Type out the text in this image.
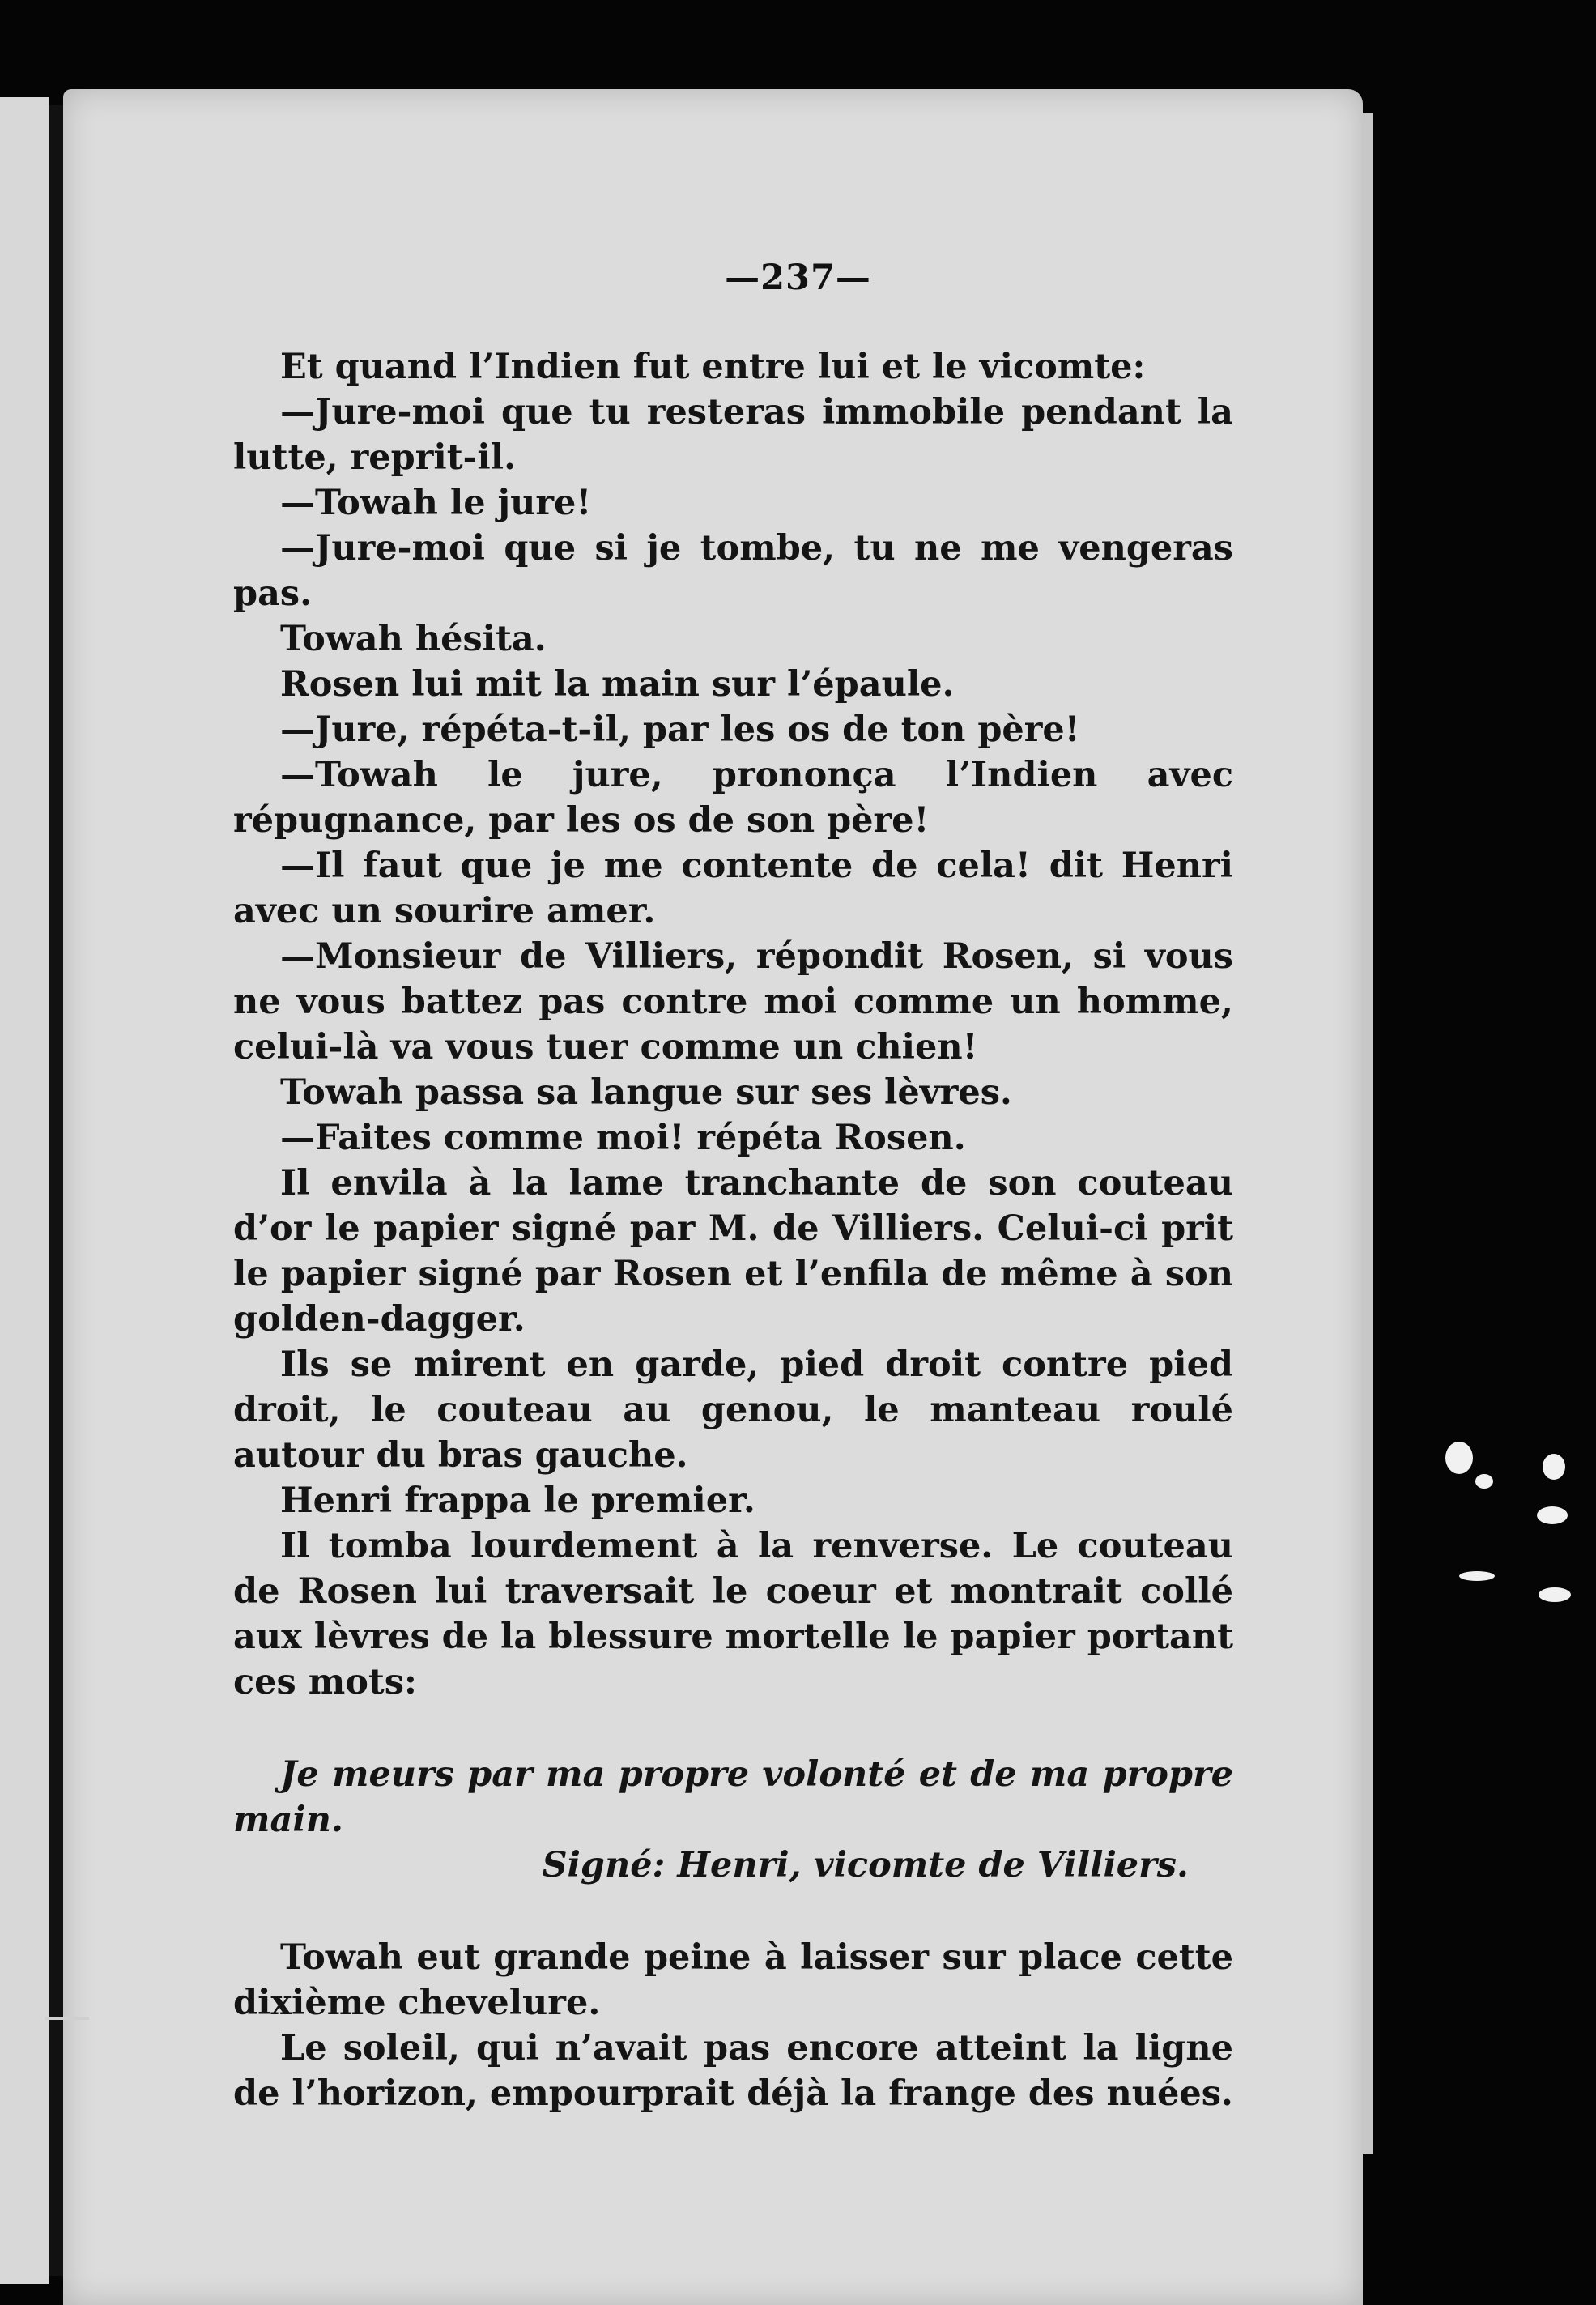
—237—

Et quand l’Indien fut entre lui et le vicomte:

—Jure-moi que tu resteras immobile pendant la lutte, reprit-il.

—Towah le jure!

—Jure-moi que si je tombe, tu ne me vengeras pas.

Towah hésita.

Rosen lui mit la main sur l’épaule.

—Jure, répéta-t-il, par les os de ton père!

—Towah le jure, prononça l’Indien avec répugnance, par les os de son père!

—Il faut que je me contente de cela! dit Henri avec un sourire amer.

—Monsieur de Villiers, répondit Rosen, si vous ne vous battez pas contre moi comme un homme, celui-là va vous tuer comme un chien!

Towah passa sa langue sur ses lèvres.

—Faites comme moi! répéta Rosen.

Il envila à la lame tranchante de son couteau d’or le papier signé par M. de Villiers. Celui-ci prit le papier signé par Rosen et l’enfila de même à son golden-dagger.

Ils se mirent en garde, pied droit contre pied droit, le couteau au genou, le manteau roulé autour du bras gauche.

Henri frappa le premier.

Il tomba lourdement à la renverse. Le couteau de Rosen lui traversait le coeur et montrait collé aux lèvres de la blessure mortelle le papier portant ces mots:

Je meurs par ma propre volonté et de ma propre main.

Signé: Henri, vicomte de Villiers.

Towah eut grande peine à laisser sur place cette dixième chevelure.

Le soleil, qui n’avait pas encore atteint la ligne de l’horizon, empourprait déjà la frange des nuées.
